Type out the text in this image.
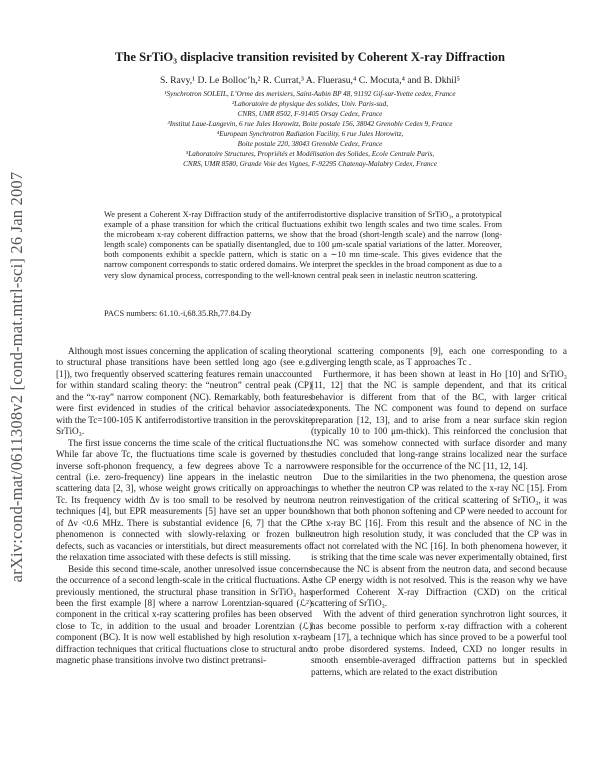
arXiv:cond-mat/0611308v2 [cond-mat.mtrl-sci] 26 Jan 2007
The SrTiO₃ displacive transition revisited by Coherent X-ray Diffraction
S. Ravy,¹ D. Le Bolloc’h,² R. Currat,³ A. Fluerasu,⁴ C. Mocuta,⁴ and B. Dkhil⁵
¹Synchrotron SOLEIL, L’Orme des merisiers, Saint-Aubin BP 48, 91192 Gif-sur-Yvette cedex, France
²Laboratoire de physique des solides, Univ. Paris-sud,
CNRS, UMR 8502, F-91405 Orsay Cedex, France
³Institut Laue-Langevin, 6 rue Jules Horowitz, Boite postale 156, 38042 Grenoble Cedex 9, France
⁴European Synchrotron Radiation Facility, 6 rue Jules Horowitz,
Boite postale 220, 38043 Grenoble Cedex, France
⁵Laboratoire Structures, Propriétés et Modélisation des Solides, Ecole Centrale Paris,
CNRS, UMR 8580, Grande Voie des Vignes, F-92295 Chatenay-Malabry Cedex, France
We present a Coherent X-ray Diffraction study of the antiferrodistortive displacive transition of SrTiO₃, a prototypical example of a phase transition for which the critical fluctuations exhibit two length scales and two time scales. From the microbeam x-ray coherent diffraction patterns, we show that the broad (short-length scale) and the narrow (long-length scale) components can be spatially disentangled, due to 100 μm-scale spatial variations of the latter. Moreover, both components exhibit a speckle pattern, which is static on a ∼10 mn time-scale. This gives evidence that the narrow component corresponds to static ordered domains. We interpret the speckles in the broad component as due to a very slow dynamical process, corresponding to the well-known central peak seen in inelastic neutron scattering.
PACS numbers: 61.10.-i,68.35.Rh,77.84.Dy

Although most issues concerning the application of scaling theory to structural phase transitions have been settled long ago (see e.g. [1]), two frequently observed scattering features remain unaccounted for within standard scaling theory: the “neutron” central peak (CP) and the “x-ray” narrow component (NC). Remarkably, both features were first evidenced in studies of the critical behavior associated with the Tc=100-105 K antiferrodistortive transition in the perovskite SrTiO₃.

The first issue concerns the time scale of the critical fluctuations. While far above Tc, the fluctuations time scale is governed by the inverse soft-phonon frequency, a few degrees above Tc a narrow central (i.e. zero-frequency) line appears in the inelastic neutron scattering data [2, 3], whose weight grows critically on approaching Tc. Its frequency width Δν is too small to be resolved by neutron techniques [4], but EPR measurements [5] have set an upper bound of Δν <0.6 MHz. There is substantial evidence [6, 7] that the CP phenomenon is connected with slowly-relaxing or frozen bulk defects, such as vacancies or interstitials, but direct measurements of the relaxation time associated with these defects is still missing.

Beside this second time-scale, another unresolved issue concerns the occurrence of a second length-scale in the critical fluctuations. As previously mentioned, the structural phase transition in SrTiO₃ has been the first example [8] where a narrow Lorentzian-squared (ℒ²) component in the critical x-ray scattering profiles has been observed close to Tc, in addition to the usual and broader Lorentzian (ℒ) component (BC). It is now well established by high resolution x-ray diffraction techniques that critical fluctuations close to structural and magnetic phase transitions involve two distinct pretransi-

tional scattering components [9], each one corresponding to a diverging length scale, as T approaches Tc .

Furthermore, it has been shown at least in Ho [10] and SrTiO₃ [11, 12] that the NC is sample dependent, and that its critical behavior is different from that of the BC, with larger critical exponents. The NC component was found to depend on surface preparation [12, 13], and to arise from a near surface skin region (typically 10 to 100 μm-thick). This reinforced the conclusion that the NC was somehow connected with surface disorder and many studies concluded that long-range strains localized near the surface were responsible for the occurrence of the NC [11, 12, 14].

Due to the similarities in the two phenomena, the question arose as to whether the neutron CP was related to the x-ray NC [15]. From a neutron reinvestigation of the critical scattering of SrTiO₃, it was shown that both phonon softening and CP were needed to account for the x-ray BC [16]. From this result and the absence of NC in the neutron high resolution study, it was concluded that the CP was in fact not correlated with the NC [16]. In both phenomena however, it is striking that the time scale was never experimentally obtained, first because the NC is absent from the neutron data, and second because the CP energy width is not resolved. This is the reason why we have performed Coherent X-ray Diffraction (CXD) on the critical scattering of SrTiO₃.

With the advent of third generation synchrotron light sources, it has become possible to perform x-ray diffraction with a coherent beam [17], a technique which has since proved to be a powerful tool to probe disordered systems. Indeed, CXD no longer results in smooth ensemble-averaged diffraction patterns but in speckled patterns, which are related to the exact distribution
